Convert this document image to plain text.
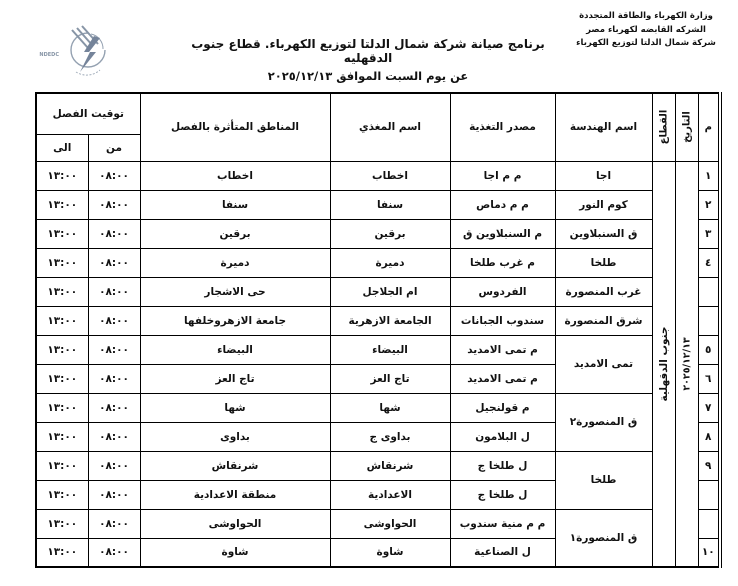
NDEDC
وزارة الكهرباء والطاقة المتجددة
الشركه القابضه لكهرباء مصر
شركة شمال الدلتا لتوزيع الكهرباء
برنامج صيانة شركة شمال الدلتا لتوزيع الكهرباء. قطاع جنوب الدقهليه
عن يوم السبت الموافق ٢٠٢٥/١٢/١٣
م	التاريخ	القطاع	اسم الهندسة	مصدر التغذية	اسم المغذي	المناطق المتأثرة بالفصل	توقيت الفصل	
							من	الى
١	٢٠٢٥/١٢/١٣	جنوب الدقهلية	اجا	م م اجا	اخطاب	اخطاب	٠٨:٠٠	١٣:٠٠
٢			كوم النور	م م دماص	سنفا	سنفا	٠٨:٠٠	١٣:٠٠
٣			ق السنبلاوين	م السنبلاوين ق	برقين	برقين	٠٨:٠٠	١٣:٠٠
٤			طلخا	م غرب طلخا	دميرة	دميرة	٠٨:٠٠	١٣:٠٠
			غرب المنصورة	الفردوس	ام الجلاجل	حى الاشجار	٠٨:٠٠	١٣:٠٠
			شرق المنصورة	سندوب الجبانات	الجامعة الازهرية	جامعة الازهروخلفها	٠٨:٠٠	١٣:٠٠
٥			تمى الامديد	م تمى الامديد	البيضاء	البيضاء	٠٨:٠٠	١٣:٠٠
٦				م تمى الامديد	تاج العز	تاج العز	٠٨:٠٠	١٣:٠٠
٧			ق المنصورة٢	م قولنجيل	شها	شها	٠٨:٠٠	١٣:٠٠
٨				ل البلامون	بداوى ج	بداوى	٠٨:٠٠	١٣:٠٠
٩			طلخا	ل طلخا ج	شرنقاش	شرنقاش	٠٨:٠٠	١٣:٠٠
				ل طلخا ج	الاعدادية	منطقة الاعدادية	٠٨:٠٠	١٣:٠٠
			ق المنصورة١	م م منية سندوب	الحواوشى	الحواوشى	٠٨:٠٠	١٣:٠٠
١٠				ل الصناعية	شاوة	شاوة	٠٨:٠٠	١٣:٠٠
